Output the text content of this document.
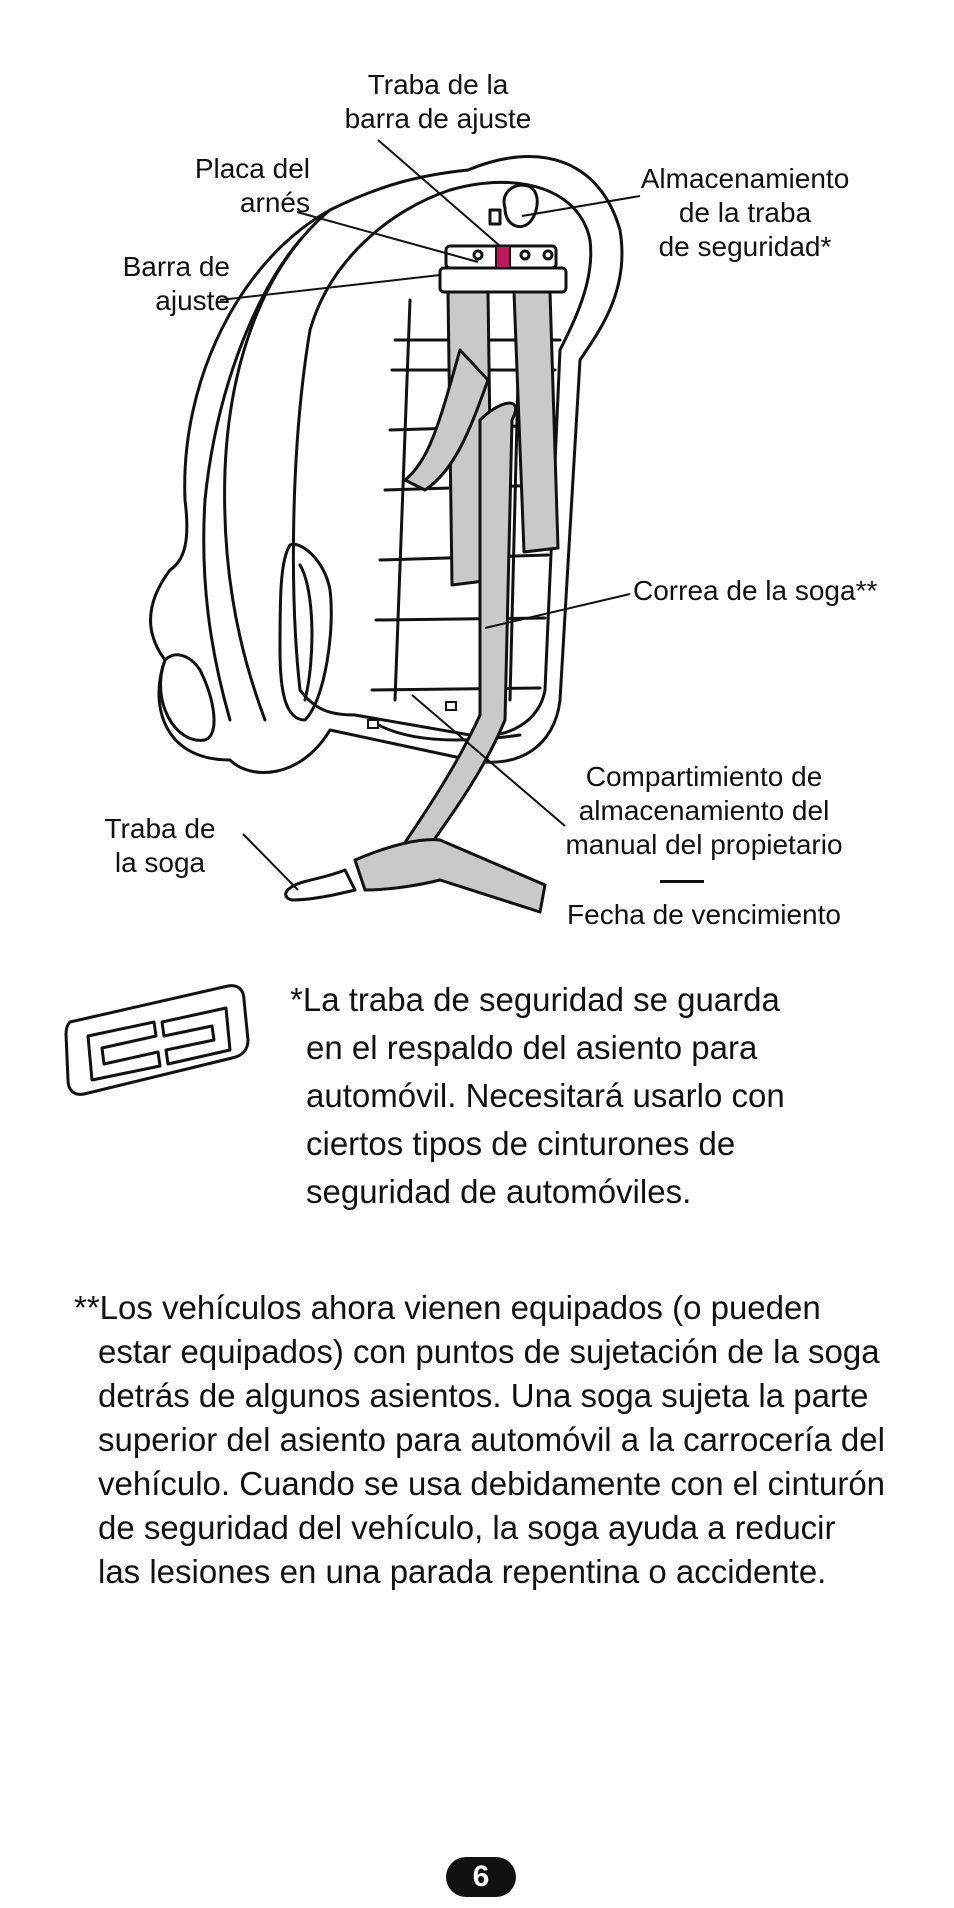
Traba de la
barra de ajuste
Placa del
arnés
Barra de
ajuste
Almacenamiento
de la traba
de seguridad*
Correa de la soga**
Compartimiento de
almacenamiento del
manual del propietario
Fecha de vencimiento
Traba de
la soga
*La traba de seguridad se guarda
en el respaldo del asiento para
automóvil. Necesitará usarlo con
ciertos tipos de cinturones de
seguridad de automóviles.
**Los vehículos ahora vienen equipados (o pueden
estar equipados) con puntos de sujetación de la soga
detrás de algunos asientos. Una soga sujeta la parte
superior del asiento para automóvil a la carrocería del
vehículo. Cuando se usa debidamente con el cinturón
de seguridad del vehículo, la soga ayuda a reducir
las lesiones en una parada repentina o accidente.
6
